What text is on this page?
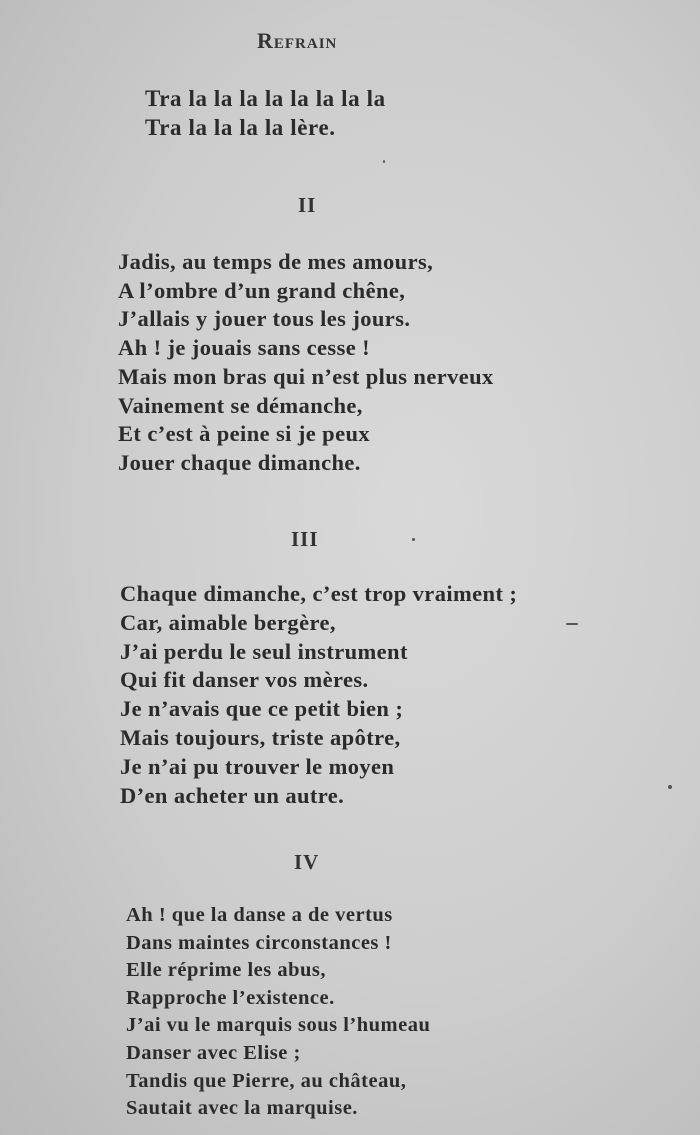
Refrain
Tra la la la la la la la la
Tra la la la la lère.
II
Jadis, au temps de mes amours,
A l’ombre d’un grand chêne,
J’allais y jouer tous les jours.
Ah ! je jouais sans cesse !
Mais mon bras qui n’est plus nerveux
Vainement se démanche,
Et c’est à peine si je peux
Jouer chaque dimanche.
III
Chaque dimanche, c’est trop vraiment ;
Car, aimable bergère,
J’ai perdu le seul instrument
Qui fit danser vos mères.
Je n’avais que ce petit bien ;
Mais toujours, triste apôtre,
Je n’ai pu trouver le moyen
D’en acheter un autre.
IV
Ah ! que la danse a de vertus
Dans maintes circonstances !
Elle réprime les abus,
Rapproche l’existence.
J’ai vu le marquis sous l’humeau
Danser avec Elise ;
Tandis que Pierre, au château,
Sautait avec la marquise.
